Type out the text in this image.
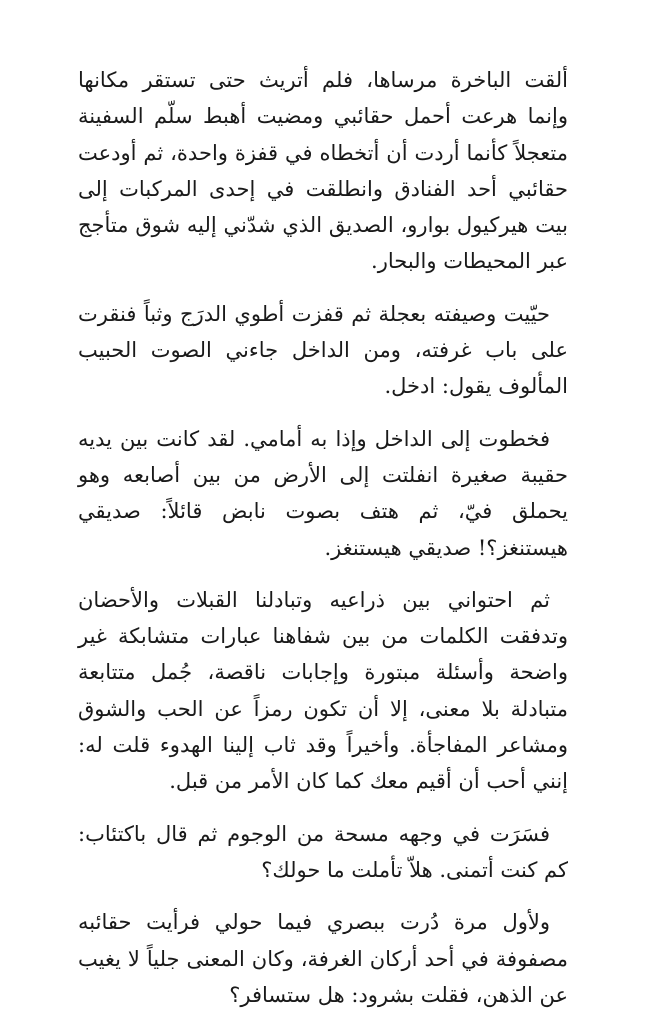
ألقت الباخرة مرساها، فلم أتريث حتى تستقر مكانها وإنما هرعت أحمل حقائبي ومضيت أهبط سلّم السفينة متعجلاً كأنما أردت أن أتخطاه في قفزة واحدة، ثم أودعت حقائبي أحد الفنادق وانطلقت في إحدى المركبات إلى بيت هيركيول بوارو، الصديق الذي شدّني إليه شوق متأجج عبر المحيطات والبحار.

حيّيت وصيفته بعجلة ثم قفزت أطوي الدرَج وثباً فنقرت على باب غرفته، ومن الداخل جاءني الصوت الحبيب المألوف يقول: ادخل.

فخطوت إلى الداخل وإذا به أمامي. لقد كانت بين يديه حقيبة صغيرة انفلتت إلى الأرض من بين أصابعه وهو يحملق فيّ، ثم هتف بصوت نابض قائلاً: صديقي هيستنغز؟! صديقي هيستنغز.

ثم احتواني بين ذراعيه وتبادلنا القبلات والأحضان وتدفقت الكلمات من بين شفاهنا عبارات متشابكة غير واضحة وأسئلة مبتورة وإجابات ناقصة، جُمل متتابعة متبادلة بلا معنى، إلا أن تكون رمزاً عن الحب والشوق ومشاعر المفاجأة. وأخيراً وقد ثاب إلينا الهدوء قلت له: إنني أحب أن أقيم معك كما كان الأمر من قبل.

فسَرَت في وجهه مسحة من الوجوم ثم قال باكتئاب: كم كنت أتمنى. هلاّ تأملت ما حولك؟

ولأول مرة دُرت ببصري فيما حولي فرأيت حقائبه مصفوفة في أحد أركان الغرفة، وكان المعنى جلياً لا يغيب عن الذهن، فقلت بشرود: هل ستسافر؟
